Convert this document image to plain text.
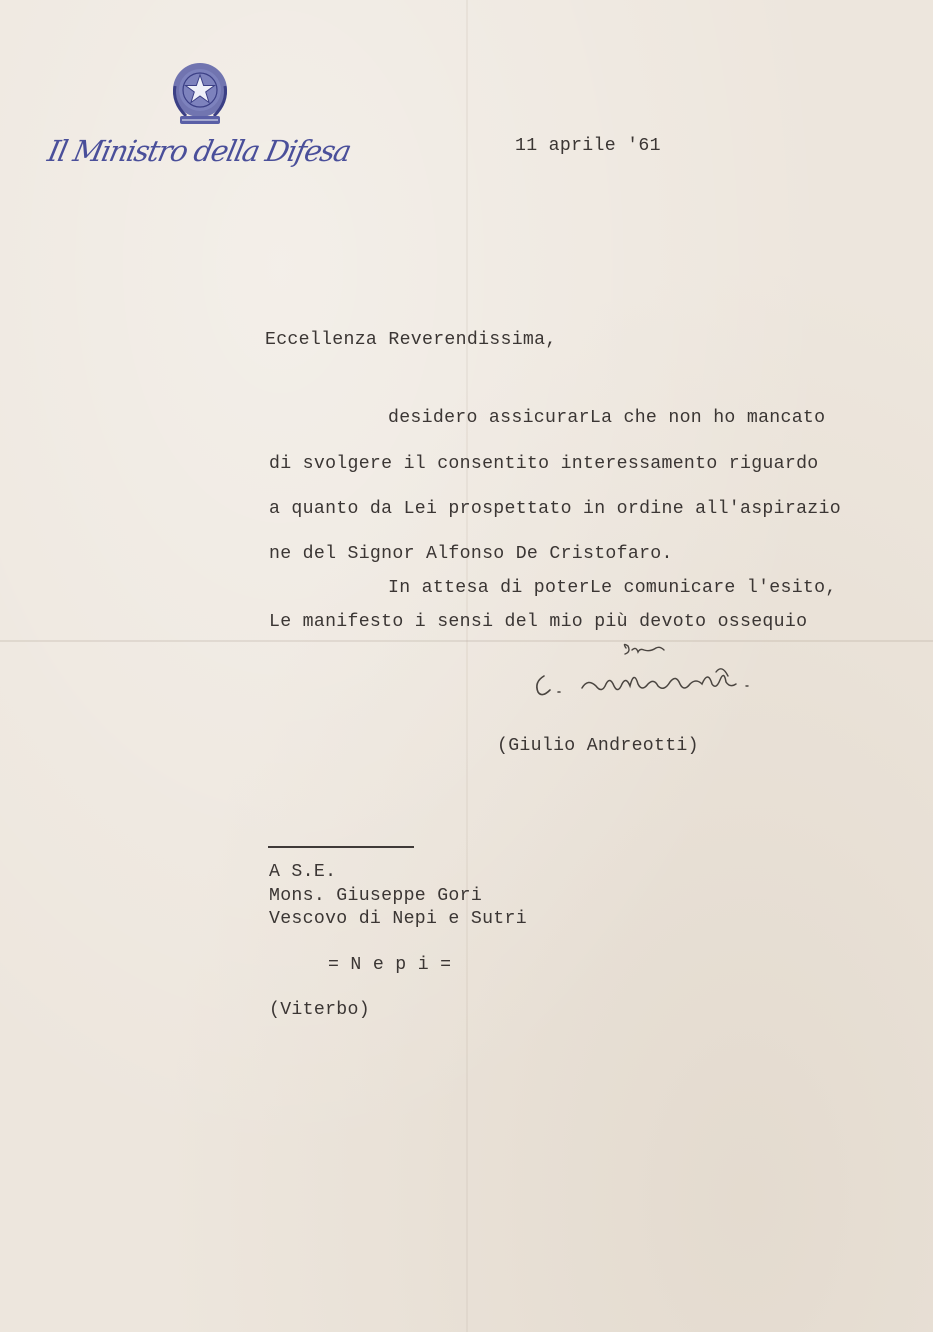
Il Ministro della Difesa	11 aprile '61
Eccellenza Reverendissima,
desidero assicurarLa che non ho mancato
di svolgere il consentito interessamento riguardo
a quanto da Lei prospettato in ordine all'aspirazio
ne del Signor Alfonso De Cristofaro.
In attesa di poterLe comunicare l'esito,
Le manifesto i sensi del mio più devoto ossequio
(Giulio Andreotti)
A S.E.
Mons. Giuseppe Gori
Vescovo di Nepi e Sutri
= N e p i =
(Viterbo)
